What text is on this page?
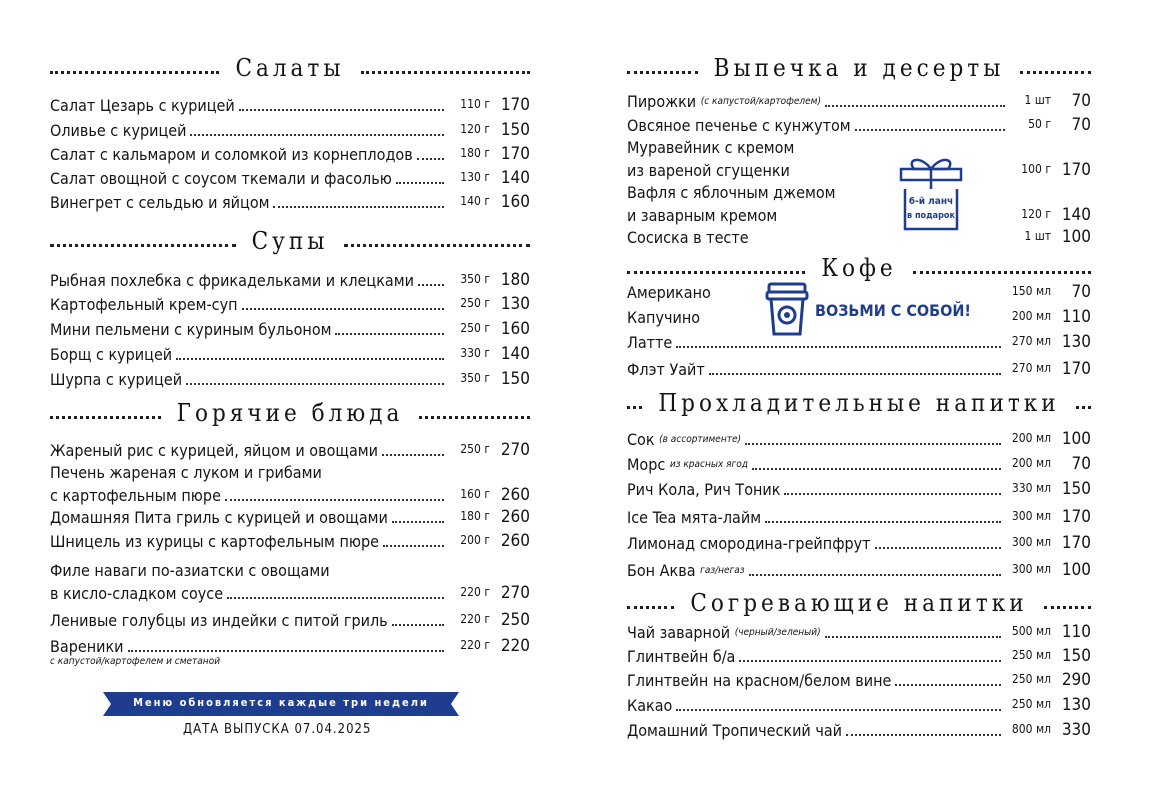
Салаты
Салат Цезарь с курицей	110 г 170
Оливье с курицей	120 г 150
Салат с кальмаром и соломкой из корнеплодов	180 г 170
Салат овощной с соусом ткемали и фасолью	130 г 140
Винегрет с сельдью и яйцом	140 г 160
Супы
Рыбная похлебка с фрикадельками и клецками	350 г 180
Картофельный крем-суп	250 г 130
Мини пельмени с куриным бульоном	250 г 160
Борщ с курицей	330 г 140
Шурпа с курицей	350 г 150
Горячие блюда
Жареный рис с курицей, яйцом и овощами	250 г 270
Печень жареная с луком и грибами
с картофельным пюре	160 г 260
Домашняя Пита гриль с курицей и овощами	180 г 260
Шницель из курицы с картофельным пюре	200 г 260
Филе наваги по-азиатски с овощами
в кисло-сладком соусе	220 г 270
Ленивые голубцы из индейки с питой гриль	220 г 250
Вареники	220 г 220
с капустой/картофелем и сметаной
Меню обновляется каждые три недели
ДАТА ВЫПУСКА 07.04.2025
Выпечка и десерты
Пирожки
(с капустой/картофелем)	1 шт	70
Овсяное печенье с кунжутом	50 г	70
Муравейник с кремом
из вареной сгущенки	100 г 170
Вафля с яблочным джемом
и заварным кремом	120 г 140
Сосиска в тесте	1 шт 100
Кофе
Американо	150 мл	70
Капучино	200 мл 110
Латте	270 мл 130
Флэт Уайт	270 мл 170
Прохладительные напитки
Сок
(в ассортименте)	200 мл 100
Морс
из красных ягод	200 мл	70
Рич Кола, Рич Тоник	330 мл 150
Ice Tea мята-лайм	300 мл 170
Лимонад смородина-грейпфрут	300 мл 170
Бон Аква
газ/негаз	300 мл 100
Согревающие напитки
Чай заварной
(черный/зеленый)	500 мл 110
Глинтвейн б/а	250 мл 150
Глинтвейн на красном/белом вине	250 мл 290
Какао	250 мл 130
Домашний Тропический чай	800 мл 330
6-й ланч
в подарок
ВОЗЬМИ С СОБОЙ!
